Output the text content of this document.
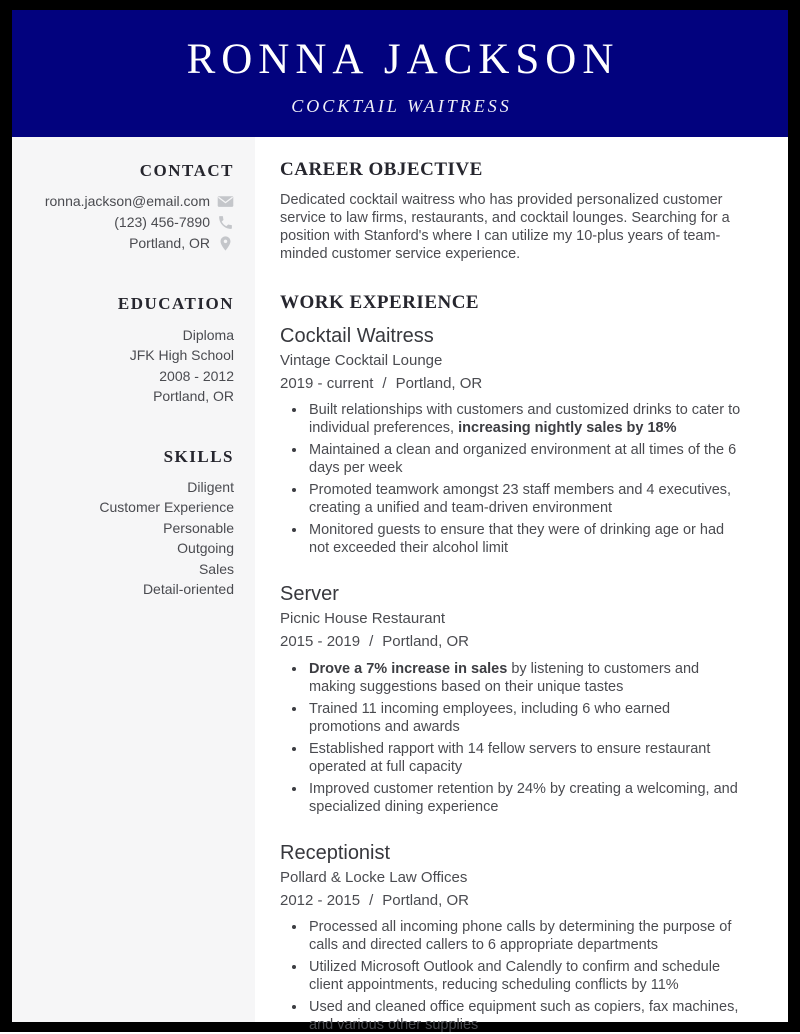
RONNA JACKSON
COCKTAIL WAITRESS
CONTACT
ronna.jackson@email.com
(123) 456-7890
Portland, OR
EDUCATION
Diploma
JFK High School
2008 - 2012
Portland, OR
SKILLS
Diligent
Customer Experience
Personable
Outgoing
Sales
Detail-oriented
CAREER OBJECTIVE

Dedicated cocktail waitress who has provided personalized customer service to law firms, restaurants, and cocktail lounges. Searching for a position with Stanford's where I can utilize my 10-plus years of team-minded customer service experience.

WORK EXPERIENCE
Cocktail Waitress
Vintage Cocktail Lounge
2019 - current / Portland, OR
• Built relationships with customers and customized drinks to cater to individual preferences, increasing nightly sales by 18%
• Maintained a clean and organized environment at all times of the 6 days per week
• Promoted teamwork amongst 23 staff members and 4 executives, creating a unified and team-driven environment
• Monitored guests to ensure that they were of drinking age or had not exceeded their alcohol limit
Server
Picnic House Restaurant
2015 - 2019 / Portland, OR
• Drove a 7% increase in sales by listening to customers and making suggestions based on their unique tastes
• Trained 11 incoming employees, including 6 who earned promotions and awards
• Established rapport with 14 fellow servers to ensure restaurant operated at full capacity
• Improved customer retention by 24% by creating a welcoming, and specialized dining experience
Receptionist
Pollard & Locke Law Offices
2012 - 2015 / Portland, OR
• Processed all incoming phone calls by determining the purpose of calls and directed callers to 6 appropriate departments
• Utilized Microsoft Outlook and Calendly to confirm and schedule client appointments, reducing scheduling conflicts by 11%
• Used and cleaned office equipment such as copiers, fax machines, and various other supplies
